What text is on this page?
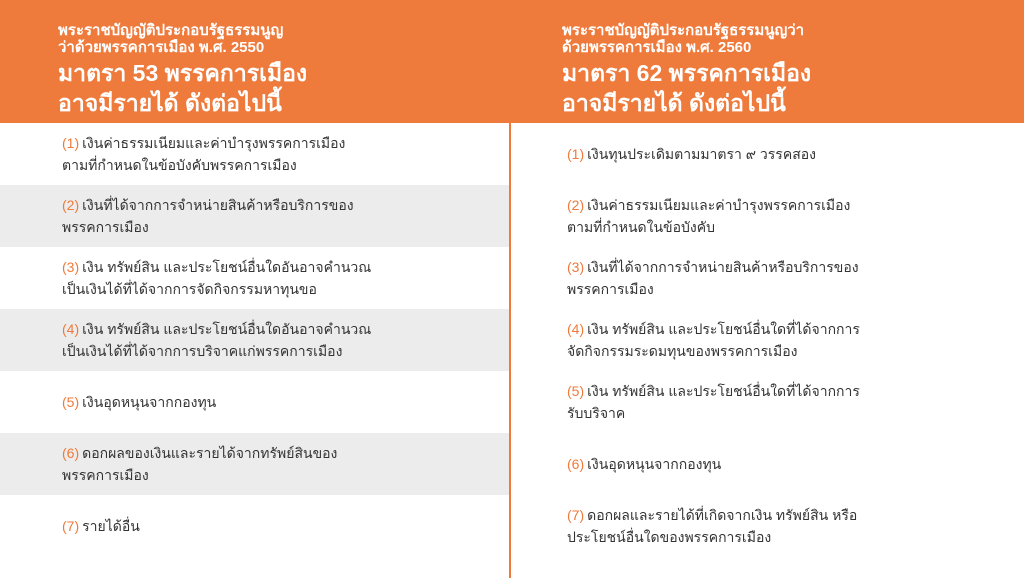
พระราชบัญญัติประกอบรัฐธรรมนูญ
ว่าด้วยพรรคการเมือง พ.ศ. 2550
มาตรา 53 พรรคการเมือง
อาจมีรายได้ ดังต่อไปนี้
พระราชบัญญัติประกอบรัฐธรรมนูญว่า
ด้วยพรรคการเมือง พ.ศ. 2560
มาตรา 62 พรรคการเมือง
อาจมีรายได้ ดังต่อไปนี้
(1) เงินค่าธรรมเนียมและค่าบำรุงพรรคการเมือง
ตามที่กำหนดในข้อบังคับพรรคการเมือง
(2) เงินที่ได้จากการจำหน่ายสินค้าหรือบริการของ
พรรคการเมือง
(3) เงิน ทรัพย์สิน และประโยชน์อื่นใดอันอาจคำนวณ
เป็นเงินได้ที่ได้จากการจัดกิจกรรมหาทุนขอ
(4) เงิน ทรัพย์สิน และประโยชน์อื่นใดอันอาจคำนวณ
เป็นเงินได้ที่ได้จากการบริจาคแก่พรรคการเมือง
(5) เงินอุดหนุนจากกองทุน
(6) ดอกผลของเงินและรายได้จากทรัพย์สินของ
พรรคการเมือง
(7) รายได้อื่น
(1) เงินทุนประเดิมตามมาตรา ๙ วรรคสอง
(2) เงินค่าธรรมเนียมและค่าบำรุงพรรคการเมือง
ตามที่กำหนดในข้อบังคับ
(3) เงินที่ได้จากการจำหน่ายสินค้าหรือบริการของ
พรรคการเมือง
(4) เงิน ทรัพย์สิน และประโยชน์อื่นใดที่ได้จากการ
จัดกิจกรรมระดมทุนของพรรคการเมือง
(5) เงิน ทรัพย์สิน และประโยชน์อื่นใดที่ได้จากการ
รับบริจาค
(6) เงินอุดหนุนจากกองทุน
(7) ดอกผลและรายได้ที่เกิดจากเงิน ทรัพย์สิน หรือ
ประโยชน์อื่นใดของพรรคการเมือง
